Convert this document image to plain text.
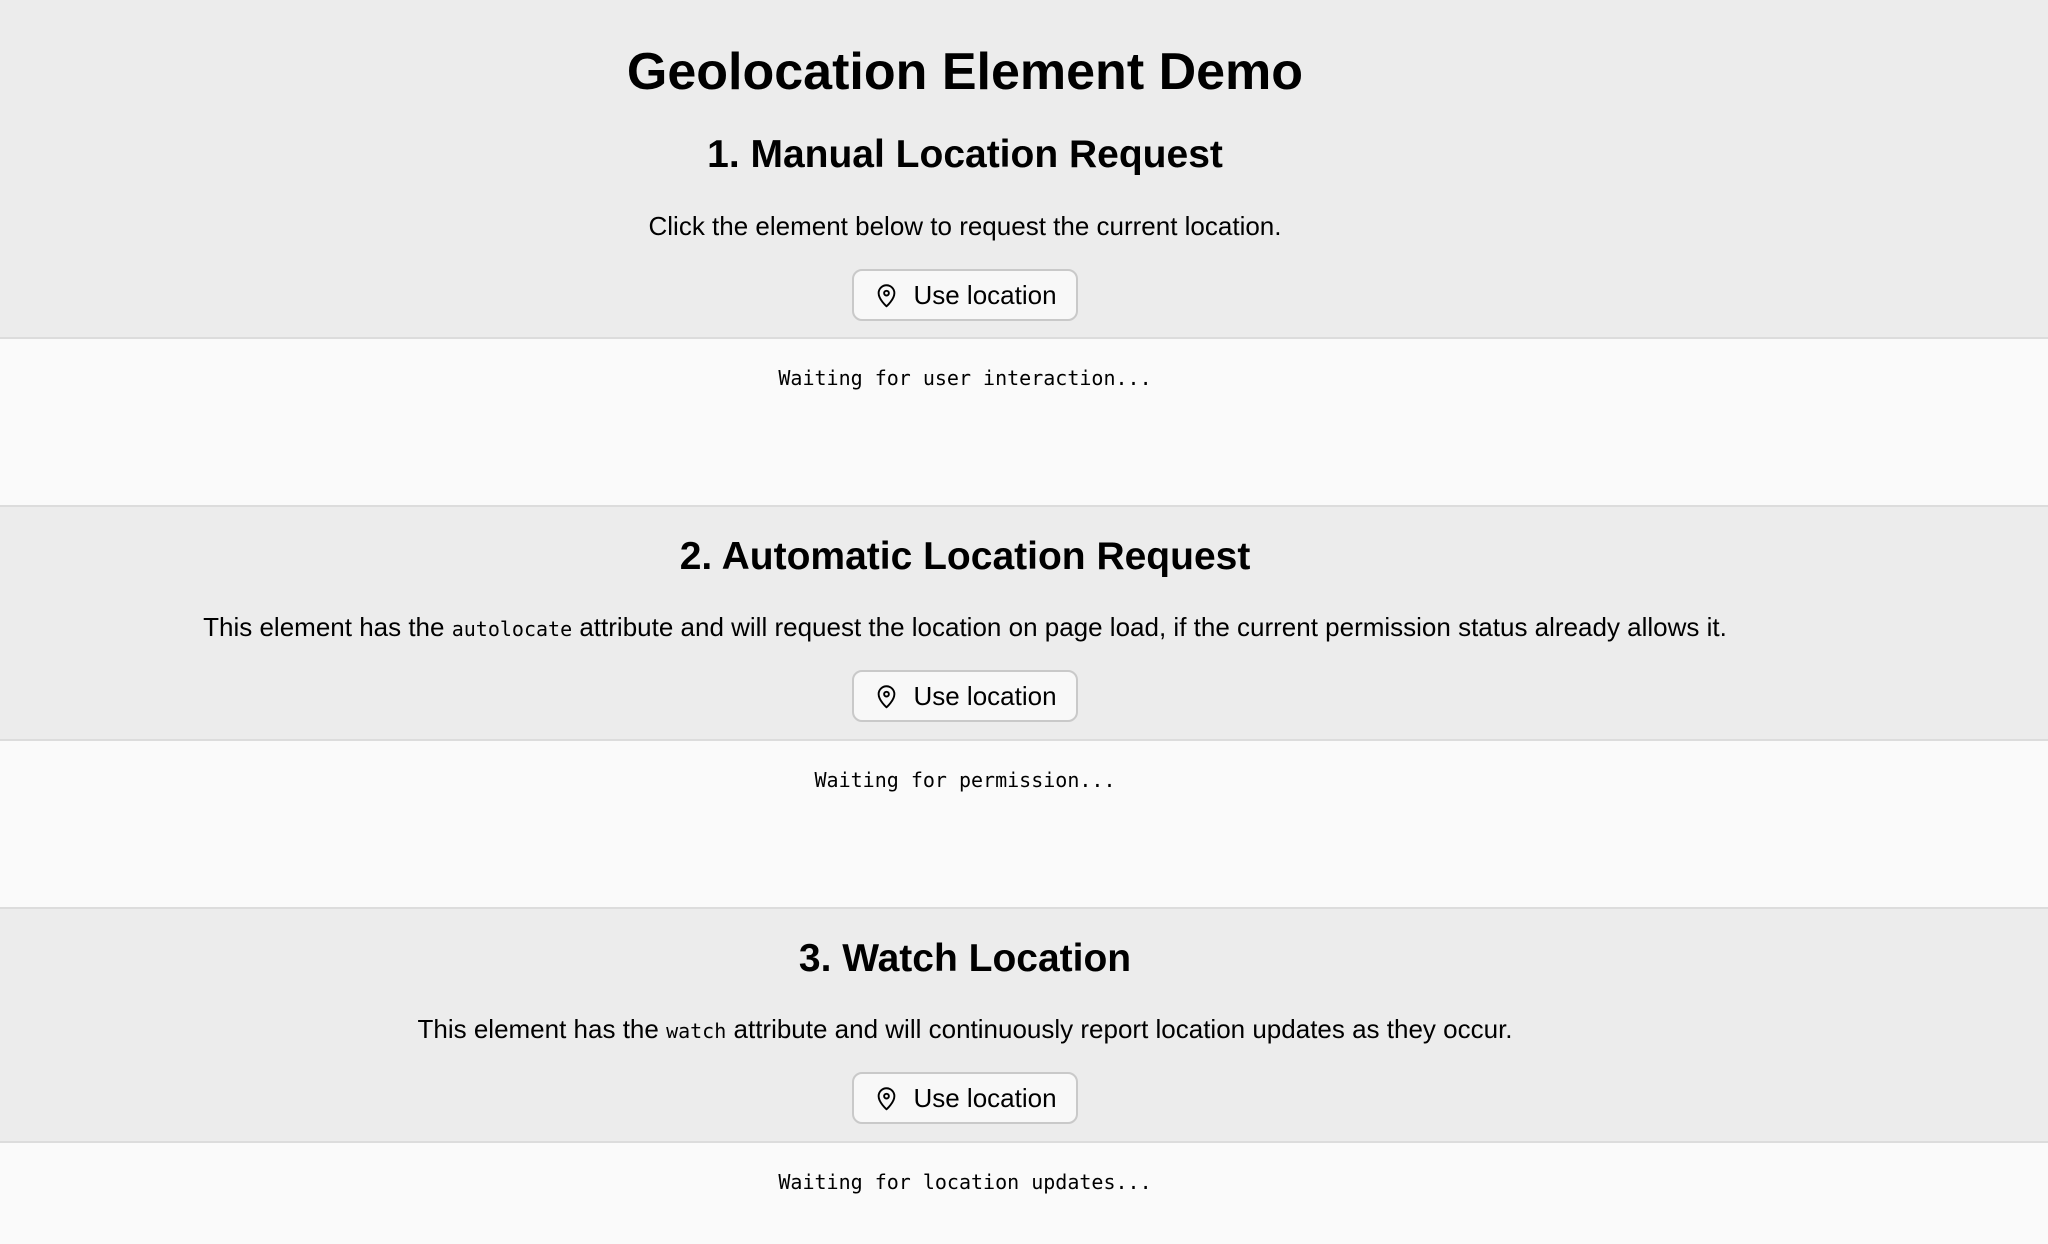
Geolocation Element Demo
1. Manual Location Request

Click the element below to request the current location.

Use location

Waiting for user interaction...

2. Automatic Location Request

This element has the autolocate attribute and will request the location on page load, if the current permission status already allows it.

Use location

Waiting for permission...

3. Watch Location

This element has the watch attribute and will continuously report location updates as they occur.

Use location

Waiting for location updates...
